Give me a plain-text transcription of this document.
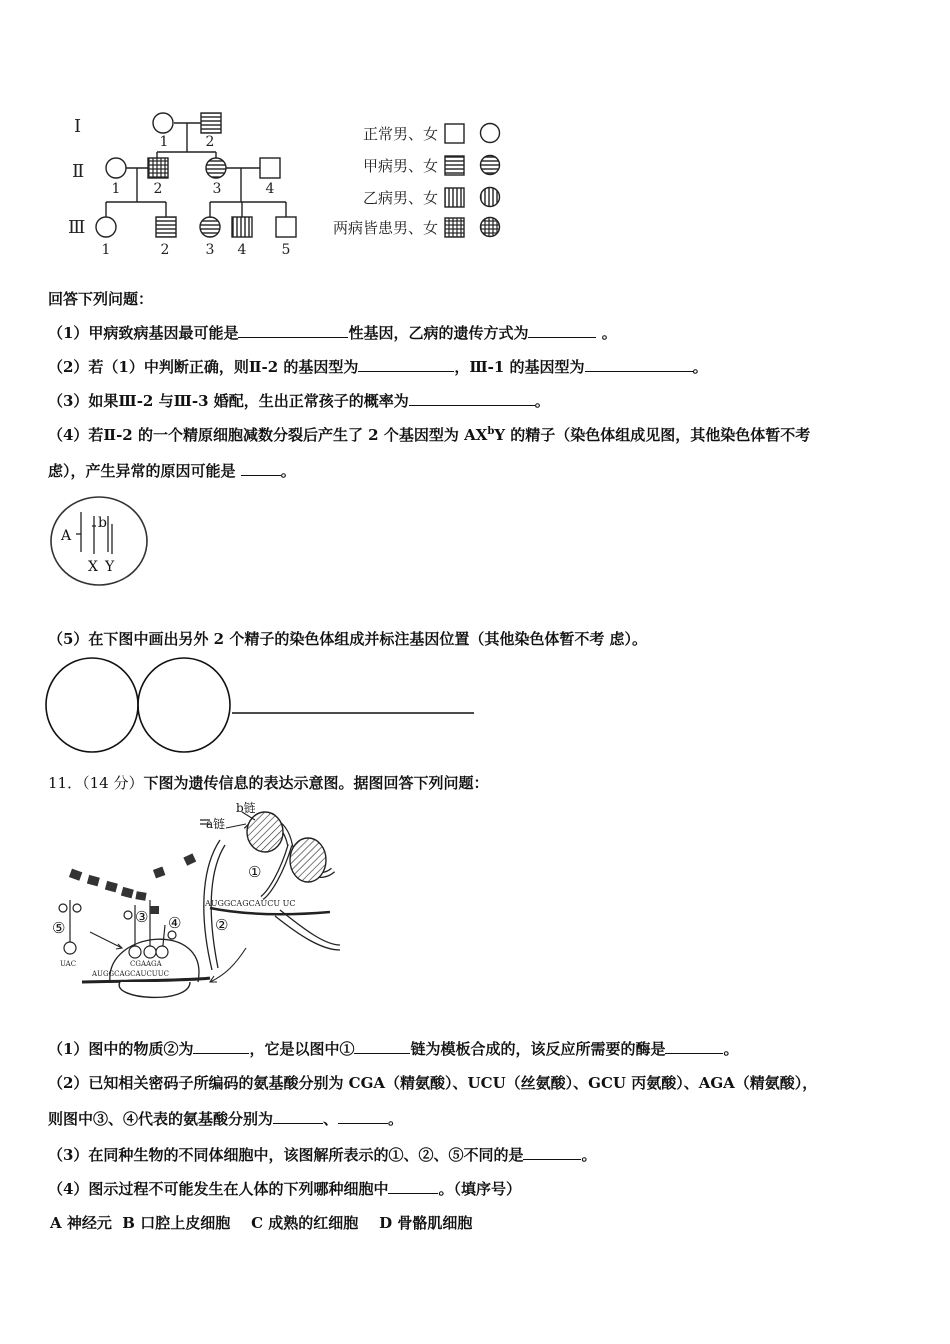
Ⅰ
Ⅱ
Ⅲ
1	2
1 2	3	4
1	2	3 4	5
正常男、女
甲病男、女
乙病男、女
两病皆患男、女
回答下列问题：
（1）甲病致病基因最可能是	性基因，乙病的遗传方式为	。
（2）若（1）中判断正确，则Ⅱ-2 的基因型为	，Ⅲ-1 的基因型为	。
（3）如果Ⅲ-2 与Ⅲ-3 婚配，生出正常孩子的概率为	。
（4）若Ⅱ-2 的一个精原细胞减数分裂后产生了 2 个基因型为 $AX^bY$ 的精子（染色体组成见图，其他染色体暂不考
虑），产生异常的原因可能是	。
A
b
X Y
（5）在下图中画出另外 2 个精子的染色体组成并标注基因位置（其他染色体暂不考 虑）。
11．（14 分）下图为遗传信息的表达示意图。据图回答下列问题：
AUGGCAGCAUCU UC
AUGGCAGCAUCUUC
UAC	CGAAGA
b链
a链
①
②
③ ④
⑤
（1）图中的物质②为	，它是以图中①	链为模板合成的，该反应所需要的酶是	。
（2）已知相关密码子所编码的氨基酸分别为 CGA（精氨酸）、UCU（丝氨酸）、GCU 丙氨酸）、AGA（精氨酸），
则图中③、④代表的氨基酸分别为	、	。
（3）在同种生物的不同体细胞中，该图解所表示的①、②、⑤不同的是	。
（4）图示过程不可能发生在人体的下列哪种细胞中	。（填序号）
A 神经元  B 口腔上皮细胞    C 成熟的红细胞    D 骨骼肌细胞
